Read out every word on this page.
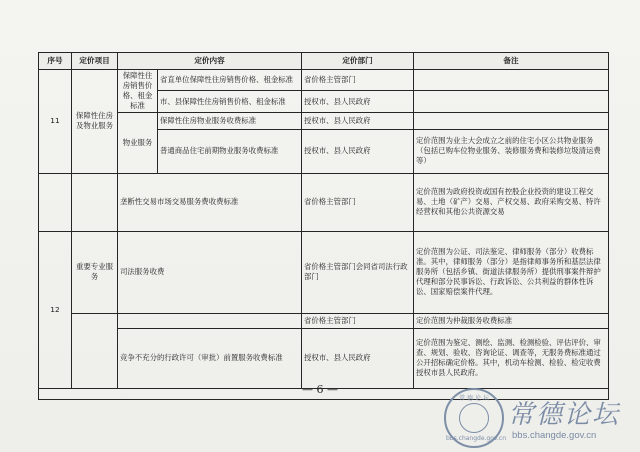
序号	定价项目	定价内容		定价部门	备注
11	保障性住房及物业服务	保障性住房销售价格、租金标准	省直单位保障性住房销售价格、租金标准	省价格主管部门	
			市、县保障性住房销售价格、租金标准	授权市、县人民政府	
		物业服务	保障性住房物业服务收费标准	授权市、县人民政府	
			普通商品住宅前期物业服务收费标准	授权市、县人民政府	定价范围为业主大会成立之前的住宅小区公共物业服务（包括已购车位物业服务、装修服务费和装修垃圾清运费等）
		垄断性交易市场交易服务费收费标准		省价格主管部门	定价范围为政府投资或国有控股企业投资的建设工程交易、土地（矿产）交易、产权交易、政府采购交易、特许经营权和其他公共资源交易
12	重要专业服务	司法服务收费		省价格主管部门会同省司法行政部门	定价范围为公证、司法鉴定、律师服务（部分）收费标准。其中，律师服务（部分）是指律师事务所和基层法律服务所（包括乡镇、街道法律服务所）提供刑事案件辩护代理和部分民事诉讼、行政诉讼、公共利益的群体性诉讼、国家赔偿案件代理。
				省价格主管部门	定价范围为仲裁服务收费标准
		竞争不充分的行政许可（审批）前置服务收费标准		授权市、县人民政府	定价范围为鉴定、测绘、监测、检测检验、评估评价、审查、规划、验收、咨询论证、调查等，无服务费标准通过公开招标确定价格。其中，机动车检测、检验、检定收费授权市县人民政府。

— 6 —
常 德 论 坛
bbs.changde.gov.cn
常德论坛
bbs.changde.gov.cn
